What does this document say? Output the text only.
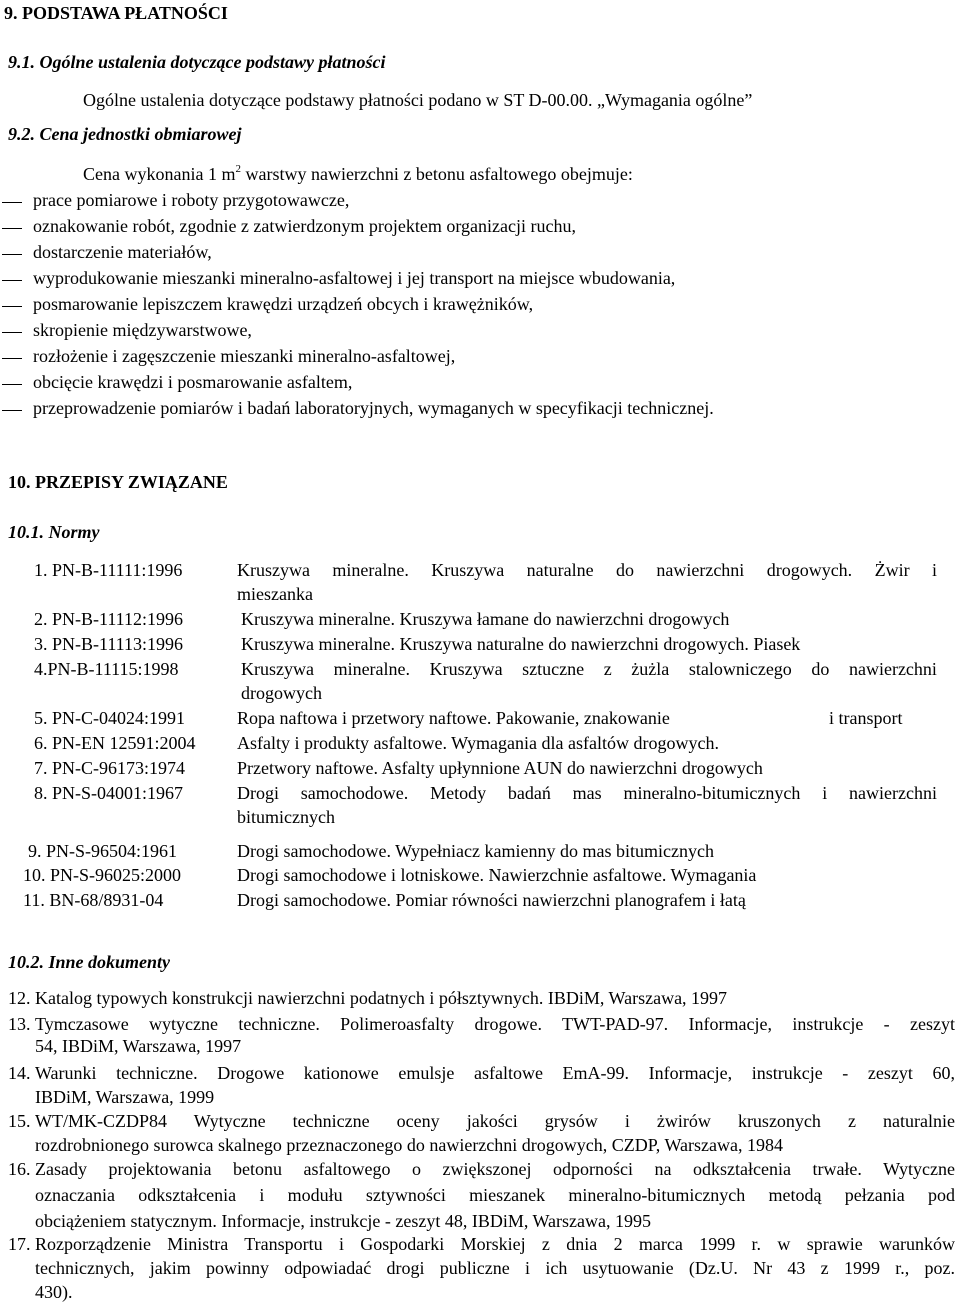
9. PODSTAWA PŁATNOŚCI
9.1. Ogólne ustalenia dotyczące podstawy płatności
Ogólne ustalenia dotyczące podstawy płatności podano w ST D-00.00. „Wymagania ogólne”
9.2. Cena jednostki obmiarowej
Cena wykonania 1 $m^2$ warstwy nawierzchni z betonu asfaltowego obejmuje:
prace pomiarowe i roboty przygotowawcze,
oznakowanie robót, zgodnie z zatwierdzonym projektem organizacji ruchu,
dostarczenie materiałów,
wyprodukowanie mieszanki mineralno-asfaltowej i jej transport na miejsce wbudowania,
posmarowanie lepiszczem krawędzi urządzeń obcych i krawężników,
skropienie międzywarstwowe,
rozłożenie i zagęszczenie mieszanki mineralno-asfaltowej,
obcięcie krawędzi i posmarowanie asfaltem,
przeprowadzenie pomiarów i badań laboratoryjnych, wymaganych w specyfikacji technicznej.
10. PRZEPISY ZWIĄZANE
10.1. Normy
1. PN-B-11111:1996	Kruszywa mineralne. Kruszywa naturalne do nawierzchni drogowych. Żwir i
mieszanka
2. PN-B-11112:1996	Kruszywa mineralne. Kruszywa łamane do nawierzchni drogowych
3. PN-B-11113:1996	Kruszywa mineralne. Kruszywa naturalne do nawierzchni drogowych. Piasek
4.PN-B-11115:1998	Kruszywa mineralne. Kruszywa sztuczne z żużla stalowniczego do nawierzchni
drogowych
5. PN-C-04024:1991	Ropa naftowa i przetwory naftowe. Pakowanie, znakowanie	i transport
6. PN-EN 12591:2004 Asfalty i produkty asfaltowe. Wymagania dla asfaltów drogowych.
7. PN-C-96173:1974	Przetwory naftowe. Asfalty upłynnione AUN do nawierzchni drogowych
8. PN-S-04001:1967	Drogi samochodowe. Metody badań mas mineralno-bitumicznych i nawierzchni
bitumicznych
9. PN-S-96504:1961	Drogi samochodowe. Wypełniacz kamienny do mas bitumicznych
10. PN-S-96025:2000	Drogi samochodowe i lotniskowe. Nawierzchnie asfaltowe. Wymagania
11. BN-68/8931-04	Drogi samochodowe. Pomiar równości nawierzchni planografem i łatą
10.2. Inne dokumenty
12. Katalog typowych konstrukcji nawierzchni podatnych i półsztywnych. IBDiM, Warszawa, 1997
13. Tymczasowe wytyczne techniczne. Polimeroasfalty drogowe. TWT-PAD-97. Informacje, instrukcje - zeszyt
54, IBDiM, Warszawa, 1997
14. Warunki techniczne. Drogowe kationowe emulsje asfaltowe EmA-99. Informacje, instrukcje - zeszyt 60,
IBDiM, Warszawa, 1999
15. WT/MK-CZDP84 Wytyczne techniczne oceny jakości grysów i żwirów kruszonych z naturalnie
rozdrobnionego surowca skalnego przeznaczonego do nawierzchni drogowych, CZDP, Warszawa, 1984
16. Zasady projektowania betonu asfaltowego o zwiększonej odporności na odkształcenia trwałe. Wytyczne
oznaczania odkształcenia i modułu sztywności mieszanek mineralno-bitumicznych metodą pełzania pod
obciążeniem statycznym. Informacje, instrukcje - zeszyt 48, IBDiM, Warszawa, 1995
17. Rozporządzenie Ministra Transportu i Gospodarki Morskiej z dnia 2 marca 1999 r. w sprawie warunków
technicznych, jakim powinny odpowiadać drogi publiczne i ich usytuowanie (Dz.U. Nr 43 z 1999 r., poz.
430).
